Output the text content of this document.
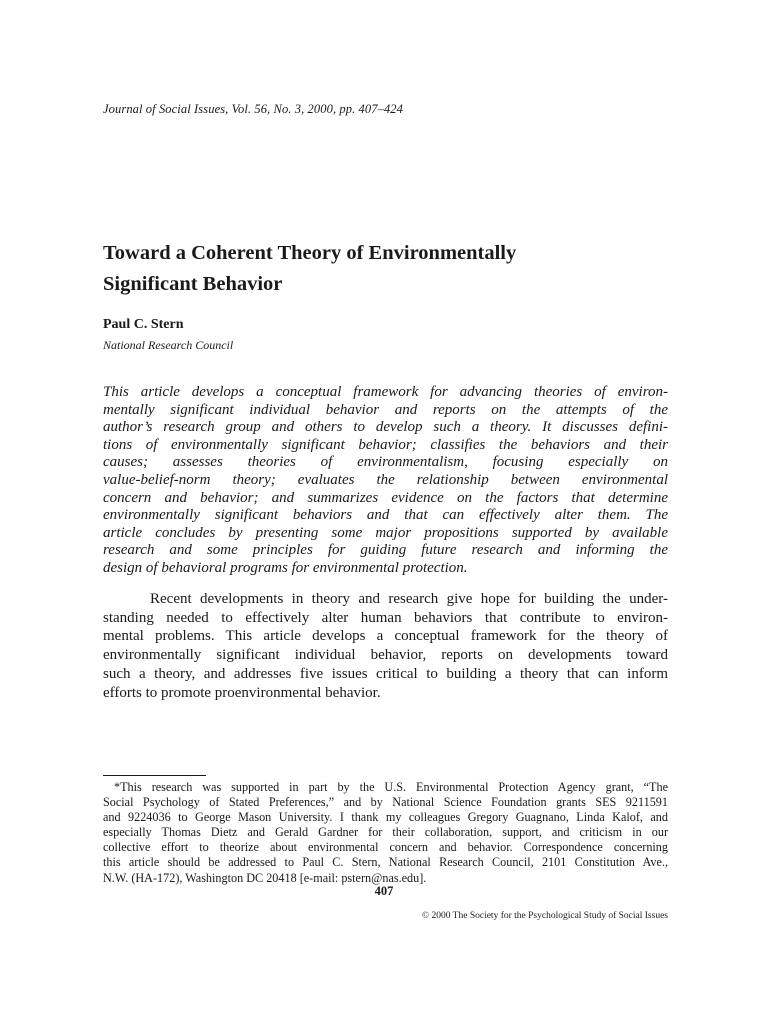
Journal of Social Issues, Vol. 56, No. 3, 2000, pp. 407–424
Toward a Coherent Theory of Environmentally
Significant Behavior
Paul C. Stern
National Research Council
This article develops a conceptual framework for advancing theories of environ-
mentally significant individual behavior and reports on the attempts of the
author’s research group and others to develop such a theory. It discusses defini-
tions of environmentally significant behavior; classifies the behaviors and their
causes; assesses theories of environmentalism, focusing especially on
value-belief-norm theory; evaluates the relationship between environmental
concern and behavior; and summarizes evidence on the factors that determine
environmentally significant behaviors and that can effectively alter them. The
article concludes by presenting some major propositions supported by available
research and some principles for guiding future research and informing the
design of behavioral programs for environmental protection.
Recent developments in theory and research give hope for building the under-
standing needed to effectively alter human behaviors that contribute to environ-
mental problems. This article develops a conceptual framework for the theory of
environmentally significant individual behavior, reports on developments toward
such a theory, and addresses five issues critical to building a theory that can inform
efforts to promote proenvironmental behavior.
*This research was supported in part by the U.S. Environmental Protection Agency grant, “The
Social Psychology of Stated Preferences,” and by National Science Foundation grants SES 9211591
and 9224036 to George Mason University. I thank my colleagues Gregory Guagnano, Linda Kalof, and
especially Thomas Dietz and Gerald Gardner for their collaboration, support, and criticism in our
collective effort to theorize about environmental concern and behavior. Correspondence concerning
this article should be addressed to Paul C. Stern, National Research Council, 2101 Constitution Ave.,
N.W. (HA-172), Washington DC 20418 [e-mail: pstern@nas.edu].
407
© 2000 The Society for the Psychological Study of Social Issues
